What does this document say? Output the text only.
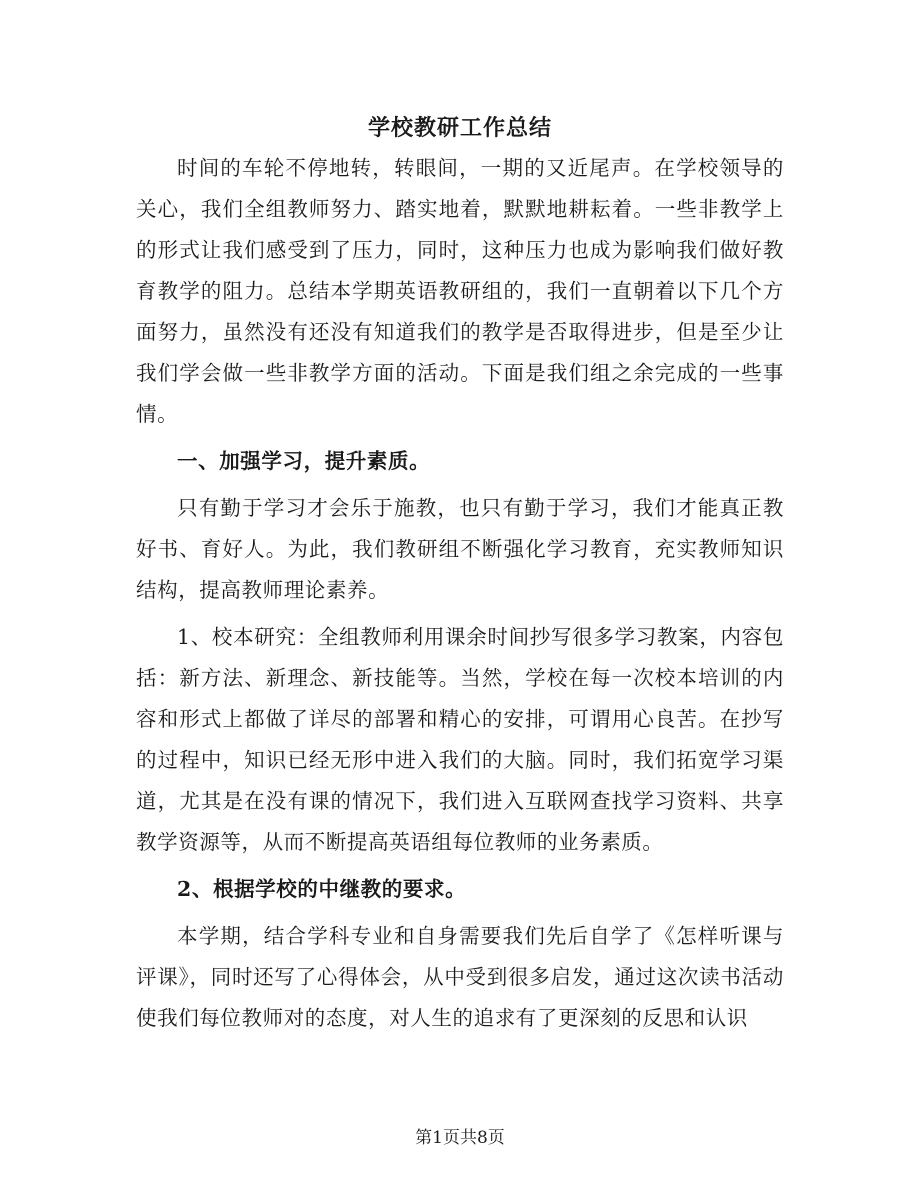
学校教研工作总结

时间的车轮不停地转，转眼间，一期的又近尾声。在学校领导的关心，我们全组教师努力、踏实地着，默默地耕耘着。一些非教学上的形式让我们感受到了压力，同时，这种压力也成为影响我们做好教育教学的阻力。总结本学期英语教研组的，我们一直朝着以下几个方面努力，虽然没有还没有知道我们的教学是否取得进步，但是至少让我们学会做一些非教学方面的活动。下面是我们组之余完成的一些事情。

一、加强学习，提升素质。

只有勤于学习才会乐于施教，也只有勤于学习，我们才能真正教好书、育好人。为此，我们教研组不断强化学习教育，充实教师知识结构，提高教师理论素养。

1、校本研究：全组教师利用课余时间抄写很多学习教案，内容包括：新方法、新理念、新技能等。当然，学校在每一次校本培训的内容和形式上都做了详尽的部署和精心的安排，可谓用心良苦。在抄写的过程中，知识已经无形中进入我们的大脑。同时，我们拓宽学习渠道，尤其是在没有课的情况下，我们进入互联网查找学习资料、共享教学资源等，从而不断提高英语组每位教师的业务素质。

2、根据学校的中继教的要求。

本学期，结合学科专业和自身需要我们先后自学了《怎样听课与评课》，同时还写了心得体会，从中受到很多启发，通过这次读书活动使我们每位教师对的态度，对人生的追求有了更深刻的反思和认识

第1页共8页
